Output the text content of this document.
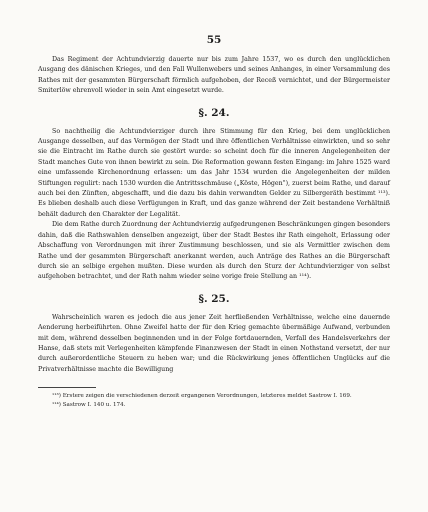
55

Das Regiment der Achtundvierzig dauerte nur bis zum Jahre 1537, wo es durch den unglücklichen Ausgang des dänischen Krieges, und den Fall Wullenwebers und seines Anhanges, in einer Versammlung des Rathes mit der gesammten Bürgerschaft förmlich aufgehoben, der Receß vernichtet, und der Bürgermeister Smiterlöw ehrenvoll wieder in sein Amt eingesetzt wurde.

§. 24.

So nachtheilig die Achtundvierziger durch ihre Stimmung für den Krieg, bei dem unglücklichen Ausgange desselben, auf das Vermögen der Stadt und ihre öffentlichen Verhältnisse einwirkten, und so sehr sie die Eintracht im Rathe durch sie gestört wurde: so scheint doch für die inneren Angelegenheiten der Stadt manches Gute von ihnen bewirkt zu sein. Die Reformation gewann festen Eingang: im Jahre 1525 ward eine umfassende Kirchenordnung erlassen: um das Jahr 1534 wurden die Angelegenheiten der milden Stiftungen regulirt: nach 1530 wurden die Antrittsschmäuse („Köste, Högen"), zuerst beim Rathe, und darauf auch bei den Zünften, abgeschafft, und die dazu bis dahin verwandten Gelder zu Silbergeräth bestimmt ¹¹³). Es blieben deshalb auch diese Verfügungen in Kraft, und das ganze während der Zeit bestandene Verhältniß behält dadurch den Charakter der Legalität.

Die dem Rathe durch Zuordnung der Achtundvierzig aufgedrungenen Beschränkungen gingen besonders dahin, daß die Rathswahlen denselben angezeigt, über der Stadt Bestes ihr Rath eingeholt, Erlassung oder Abschaffung von Verordnungen mit ihrer Zustimmung beschlossen, und sie als Vermittler zwischen dem Rathe und der gesammten Bürgerschaft anerkannt werden, auch Anträge des Rathes an die Bürgerschaft durch sie an selbige ergehen mußten. Diese wurden als durch den Sturz der Achtundvierziger von selbst aufgehoben betrachtet, und der Rath nahm wieder seine vorige freie Stellung an ¹¹⁴).

§. 25.

Wahrscheinlich waren es jedoch die aus jener Zeit herfließenden Verhältnisse, welche eine dauernde Aenderung herbeiführten. Ohne Zweifel hatte der für den Krieg gemachte übermäßige Aufwand, verbunden mit dem, während desselben beginnenden und in der Folge fortdauernden, Verfall des Handelsverkehrs der Hanse, daß stets mit Verlegenheiten kämpfende Finanzwesen der Stadt in einen Nothstand versetzt, der nur durch außerordentliche Steuern zu heben war; und die Rückwirkung jenes öffentlichen Unglücks auf die Privatverhältnisse machte die Bewilligung

¹¹³) Erstere zeigen die verschiedenen derzeit ergangenen Verordnungen, letzteres meldet Sastrow I. 169.
¹¹⁴) Sastrow I. 140 u. 174.
